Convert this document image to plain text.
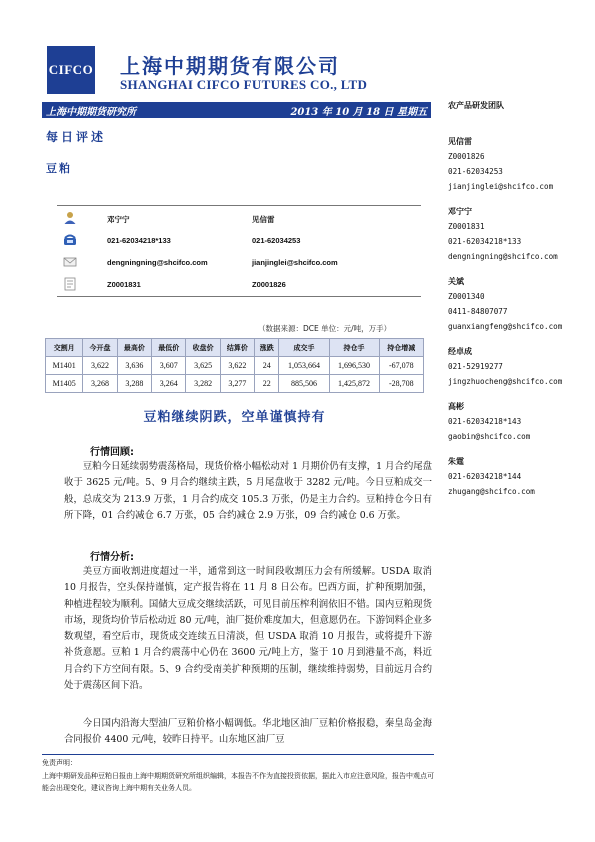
CIFCO 上海中期期货有限公司
SHANGHAI CIFCO FUTURES CO., LTD
上海中期期货研究所	2013 年 10 月 18 日 星期五
每日评述
豆粕
邓宁宁	见信雷
021-62034218*133	021-62034253
dengningning@shcifco.com	jianjinglei@shcifco.com
Z0001831	Z0001826
（数据来源：DCE 单位：元/吨，万手）
交割月	今开盘	最高价	最低价	收盘价	结算价	涨跌	成交手	持仓手	持仓增减
M1401	3,622	3,636	3,607	3,625	3,622	24	1,053,664	1,696,530	-67,078
M1405	3,268	3,288	3,264	3,282	3,277	22	885,506	1,425,872	-28,708
豆粕继续阴跌，空单谨慎持有
行情回顾:

豆粕今日延续弱势震荡格局，现货价格小幅松动对 1 月期价仍有支撑，1 月合约尾盘收于 3625 元/吨。5、9 月合约继续主跌，5 月尾盘收于 3282 元/吨。今日豆粕成交一般，总成交为 213.9 万张，1 月合约成交 105.3 万张，仍是主力合约。豆粕持仓今日有所下降，01 合约减仓 6.7 万张，05 合约减仓 2.9 万张，09 合约减仓 0.6 万张。

行情分析:

美豆方面收割进度超过一半，通常到这一时间段收割压力会有所缓解。USDA 取消 10 月报告，空头保持谨慎，定产报告将在 11 月 8 日公布。巴西方面，扩种预期加强，种植进程较为顺利。国储大豆成交继续活跃，可见目前压榨利润依旧不错。国内豆粕现货市场，现货均价节后松动近 80 元/吨，油厂挺价难度加大，但意愿仍在。下游饲料企业多数观望，看空后市，现货成交连续五日清淡，但 USDA 取消 10 月报告，或将提升下游补货意愿。豆粕 1 月合约震荡中心仍在 3600 元/吨上方，鉴于 10 月到港量不高，料近月合约下方空间有限。5、9 合约受南美扩种预期的压制，继续维持弱势，目前远月合约处于震荡区间下沿。

今日国内沿海大型油厂豆粕价格小幅调低。华北地区油厂豆粕价格报稳，秦皇岛金海合同报价 4400 元/吨，较昨日持平。山东地区油厂豆

免责声明：
上海中期研发品种豆粕日报由上海中期期货研究所组织编辑，本报告不作为直接投资依据，据此入市应注意风险，报告中观点可能会出现变化，建议咨询上海中期有关业务人员。
农产品研发团队
见信雷
Z0001826
021-62034253
jianjinglei@shcifco.com
邓宁宁
Z0001831
021-62034218*133
dengningning@shcifco.com
关斌
Z0001340
0411-84807077
guanxiangfeng@shcifco.com
经卓成
021-52919277
jingzhuocheng@shcifco.com
高彬
021-62034218*143
gaobin@shcifco.com
朱霆
021-62034218*144
zhugang@shcifco.com
